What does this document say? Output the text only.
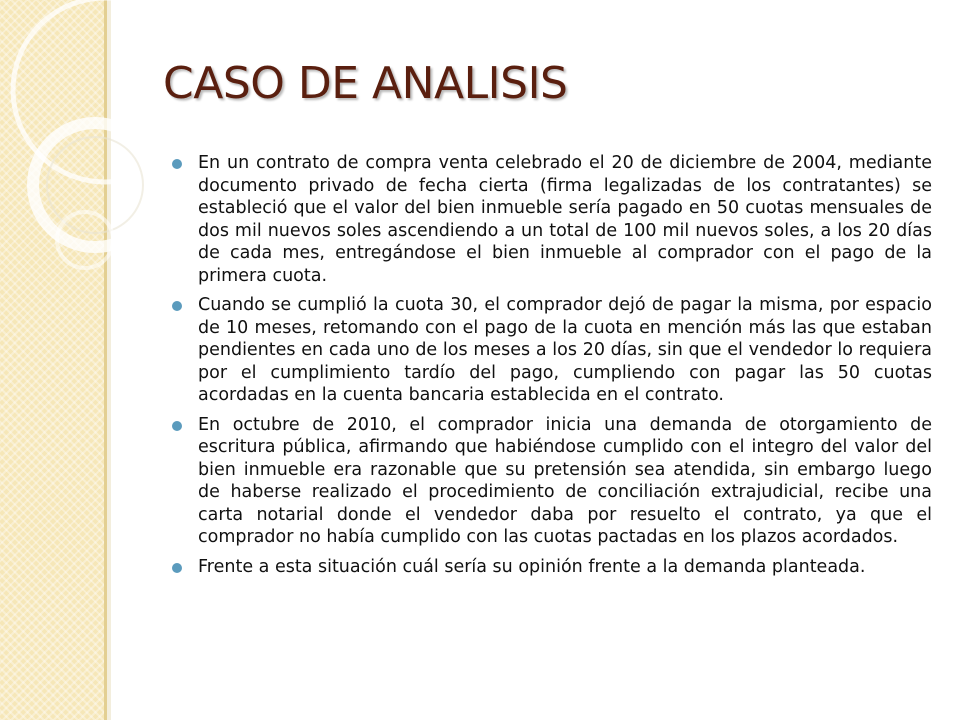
CASO DE ANALISIS
En un contrato de compra venta celebrado el 20 de diciembre de 2004, mediante documento privado de fecha cierta (firma legalizadas de los contratantes) se estableció que el valor del bien inmueble sería pagado en 50 cuotas mensuales de dos mil nuevos soles ascendiendo a un total de 100 mil nuevos soles, a los 20 días de cada mes, entregándose el bien inmueble al comprador con el pago de la primera cuota.
Cuando se cumplió la cuota 30, el comprador dejó de pagar la misma, por espacio de 10 meses, retomando con el pago de la cuota en mención más las que estaban pendientes en cada uno de los meses a los 20 días, sin que el vendedor lo requiera por el cumplimiento tardío del pago, cumpliendo con pagar las 50 cuotas acordadas en la cuenta bancaria establecida en el contrato.
En octubre de 2010, el comprador inicia una demanda de otorgamiento de escritura pública, afirmando que habiéndose cumplido con el integro del valor del bien inmueble era razonable que su pretensión sea atendida, sin embargo luego de haberse realizado el procedimiento de conciliación extrajudicial, recibe una carta notarial donde el vendedor daba por resuelto el contrato, ya que el comprador no había cumplido con las cuotas pactadas en los plazos acordados.
Frente a esta situación cuál sería su opinión frente a la demanda planteada.
